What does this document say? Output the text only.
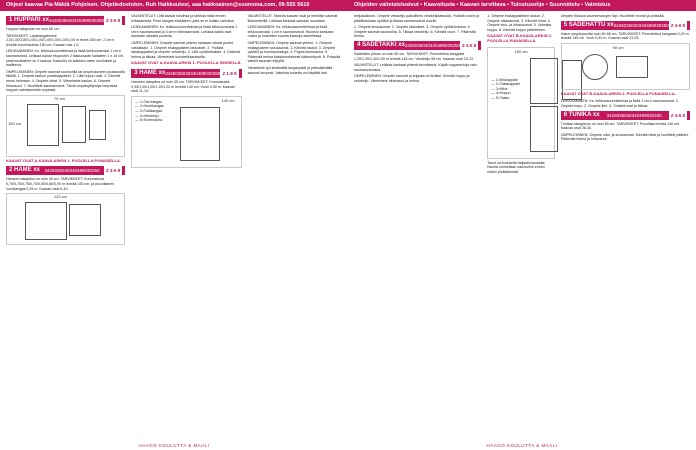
Ohjeet kaavaa Pia Mäkiä Pohjoisen. Ohjetiedostoton. Ruh Haikkoutesi, saa hakkoainen@suomona.com, 09-555 5616
1 HUPPARI xx 3426036040340489030250 Z 4-6 8

Huppari takapolau on noin 60 cm.

TARVIKKEET: Lapsilangatimme 2,5/1,00/3,80/1,00/1,00/1,00/1,00/1,00/1,00 m leveä 165 cm; 2 cm:n leveää resorinauhaa 150 cm. Kaavan osa 1-5.

LEIKKAAMINEN: Ks. leikkuusuunnitelmaa ja lisää leikkuuvaroksi 1 cm:n saumanvarat. Leikkaa tuplan etupuolen 2 taskuosaan kaitaleen 1 x 16 cm, yhdenmukainen on 2 taskua. Kaavoilu on kaikkien osien sovitukset ja mallinnus.

OMPELEMINEN: Ompele saumat saumurilla tai ompelukoneen joustavalla tikkillä. 1. Ompele taskun pussikappaleet. 2. Liitä hupun osat. 3. Kiinnitä resori helmaan. 4. Ompele hihat. 5. Viimeistele kaulus. 6. Ompele hihansuut. 7. Huolittele saumanvarat. Tämä ompelujärjestys helpottaa huppari valmistumista nopeasti.

70 cm
150 cm
KAAVAT OVAT A-KAAVA-ARKIN 1. PUOLELLA PUNAISELLA.
2 HAME xx 3426036040340489030250	Z 4-6 8

Hameen takapitus on noin 40 cm. TARVIKKEET: Kunnostusta 0,75/0,75/0,75/0,70/0,80/0,80/0,90 m leveää 150 cm, ja puuvillainen vuorikangas 0,25 m. Kaavan osat 6-10.

120 cm

VALMISTELUT: Liitä kaavat toisiinsa ja tarkista mitat ennen leikkaamista. Pese kangas etukäteen, jotta se ei kutistu valmiina.

LEIKKAAMINEN: Ks. leikkuusuunnitelmaa ja lisää leikkuuvaroksi 1 cm:n saumanvarat ja 3 cm:n helmaanvarat. Leikkaa kaikki osat kankaan oikealta puolelta.

OMPELEMINEN: Ompele saumat yhteen kankaan oikeat puolet vastakkain. 1. Ompele etukappaleen laskokset. 2. Yhdistä takakappaleet ja ompele vetoketju. 3. Liitä vyötärökaitale. 4. Käännä helma ja tikkaa. Viimeistele koristetikkauksella.

KAAVAT OVAT A-KAAVA-ARKIN 1. PUOLELLA SINISELLÄ.
3 HAME xx 3426036040340489030250 Z 1-8 8

Hameen takapitus on noin 45 cm. TARVIKKEET: Kunnostusta 0,95/1,00/1,05/1,10/1,20 m leveää 140 cm. Vuori 0,50 m. Kaavan osat 11-14.

— 1=Tav kangas
— 2=Vuorikangas
— 3=Tukikangas
— 4=Vetoketju
— 5=Kuminauha
140 cm

VALMISTELUT: Tarkista kaavan osat ja merkitse saumat liitumerkeillä. Leikkaa kankaat samaan suuntaan.

LEIKKAAMINEN: Ks. leikkuusuunnitelmaa ja lisää leikkuuvaroksi 1 cm:n saumanvarat. Huomioi kankaan nukka ja kuvioiden suunta kaavoja asetellessa.

OMPELEMINEN: Ompele saumat yhteen. 1. Ompele etukappaleen sivusaumat. 2. Kiinnitä taskut. 3. Ompele vyötärö ja kuminauhakuja. 4. Pujota kuminauha. 5. Päärmää helma kaksinkertaisesti käännettynä. 6. Prässää valmiit saumat höyryllä.

Viimeistele työ siistimällä langanpäät ja prässäämällä saumat kevyesti. Valmista tuotetta voi käyttää heti.

HAAGO KOULUTTA & MAALI
Ohjeiden valmistelusivut ▪ Kaavoitusta ▪ Kaavan tarvittava ▪ Tulostusohje ▪ Suunnittelu ▪ Valmistus

ketjuaukkoon. Ompele vetoketju paikoilleen vetoketjutassulla. Yhdistä vuorin ja päällikankaan vyötärö ja tikkaa saumanvarat vuoriin.

1. Ompele sivusaumat. 2. Ompele laskokset. 3. Ompele vyötärönauha. 4. Ompele saumat saumurilla. 5. Tikkaa vetoketju. 6. Kiinnitä vuori. 7. Päärmää helma.

4 SADETAKKI xx 3426036040340489030250 Z 4-6 8

Sadetakin pituus on noin 65 cm. TARVIKKEET: Pinnoitettua kangasta 1,20/1,30/1,40/1,50 m leveää 145 cm. Vetoketju 55 cm. Kaavan osat 15-22.

VALMISTELUT: Leikkaa kankaat yhtenä kerroksena. Käytä nuppineuloja vain saumanvaroissa.

OMPELEMINEN: Ompele saumat ja teippaa ne tiiviiksi. Kiinnitä huppu ja vetoketju. Viimeistele hihansuut ja helma.

1. Ompele etukappaleiden taskut. 2. Ompele olkasaumat. 3. Kiinnitä hihat. 4. Ompele sivu- ja hihasaumat. 5. Valmista huppu. 6. Kiinnitä huppu pääntiehen.

KAAVAT OVAT B-KAAVA-ARKIN 2. PUOLELLA PUNAISELLA.
— 1=Etukappale
— 2=Takakappale
— 3=Hiha
— 4=Huppu
— 5=Tasku
160 cm

Tasot voi koristella heijastinnauhalla. Nauha ommellaan saumoihin ennen niiden yhdistämistä.

Ompele tikkaus saumanvarojen läpi. Huolittele reunat ja prässää.

5 SADEHATTU xx 3426036040340489030250 Z 4-6 8

Hatun ympärysmitta noin 50-56 cm. TARVIKKEET: Pinnoitettua kangasta 0,40 m leveää 145 cm. Vuori 0,40 m. Kaavan osat 23-25.

90 cm
KAAVAT OVAT B-KAAVA-ARKIN 2. PUOLELLA PUNAISELLA.

LEIKKAAMINEN: Ks. leikkuusuunnitelmaa ja lisää 1 cm:n saumanvarat. 1. Ompele kupu. 2. Ompele lieri. 3. Yhdistä osat ja tikkaa.

6 TUNIKA xx 3426036040340489030250	Z 4-6 8

Tunikan takapituus on noin 65 cm. TARVIKKEET: Puuvillaa leveää 140 cm. Kaavan osat 26-30.

OMPELEMINEN: Ompele olka- ja sivusaumat. Kiinnitä hihat ja huolittele pääntie. Päärmää helma ja hihansuut.

HAAGO KOULUTTA & MAALI
